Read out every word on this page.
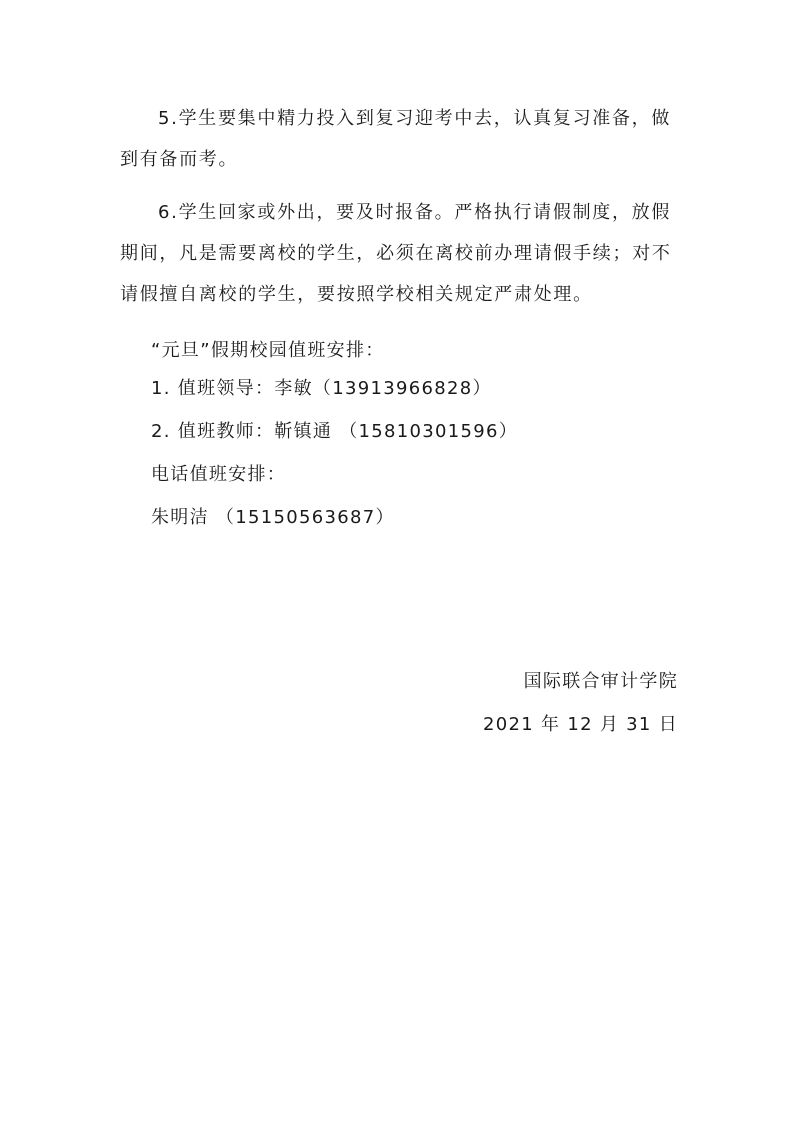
5.学生要集中精力投入到复习迎考中去，认真复习准备，做到有备而考。

6.学生回家或外出，要及时报备。严格执行请假制度，放假期间，凡是需要离校的学生，必须在离校前办理请假手续；对不请假擅自离校的学生，要按照学校相关规定严肃处理。

“元旦”假期校园值班安排：

1. 值班领导：李敏（13913966828）

2. 值班教师：靳镇通 （15810301596）

电话值班安排：

朱明洁 （15150563687）

国际联合审计学院

2021 年 12 月 31 日
